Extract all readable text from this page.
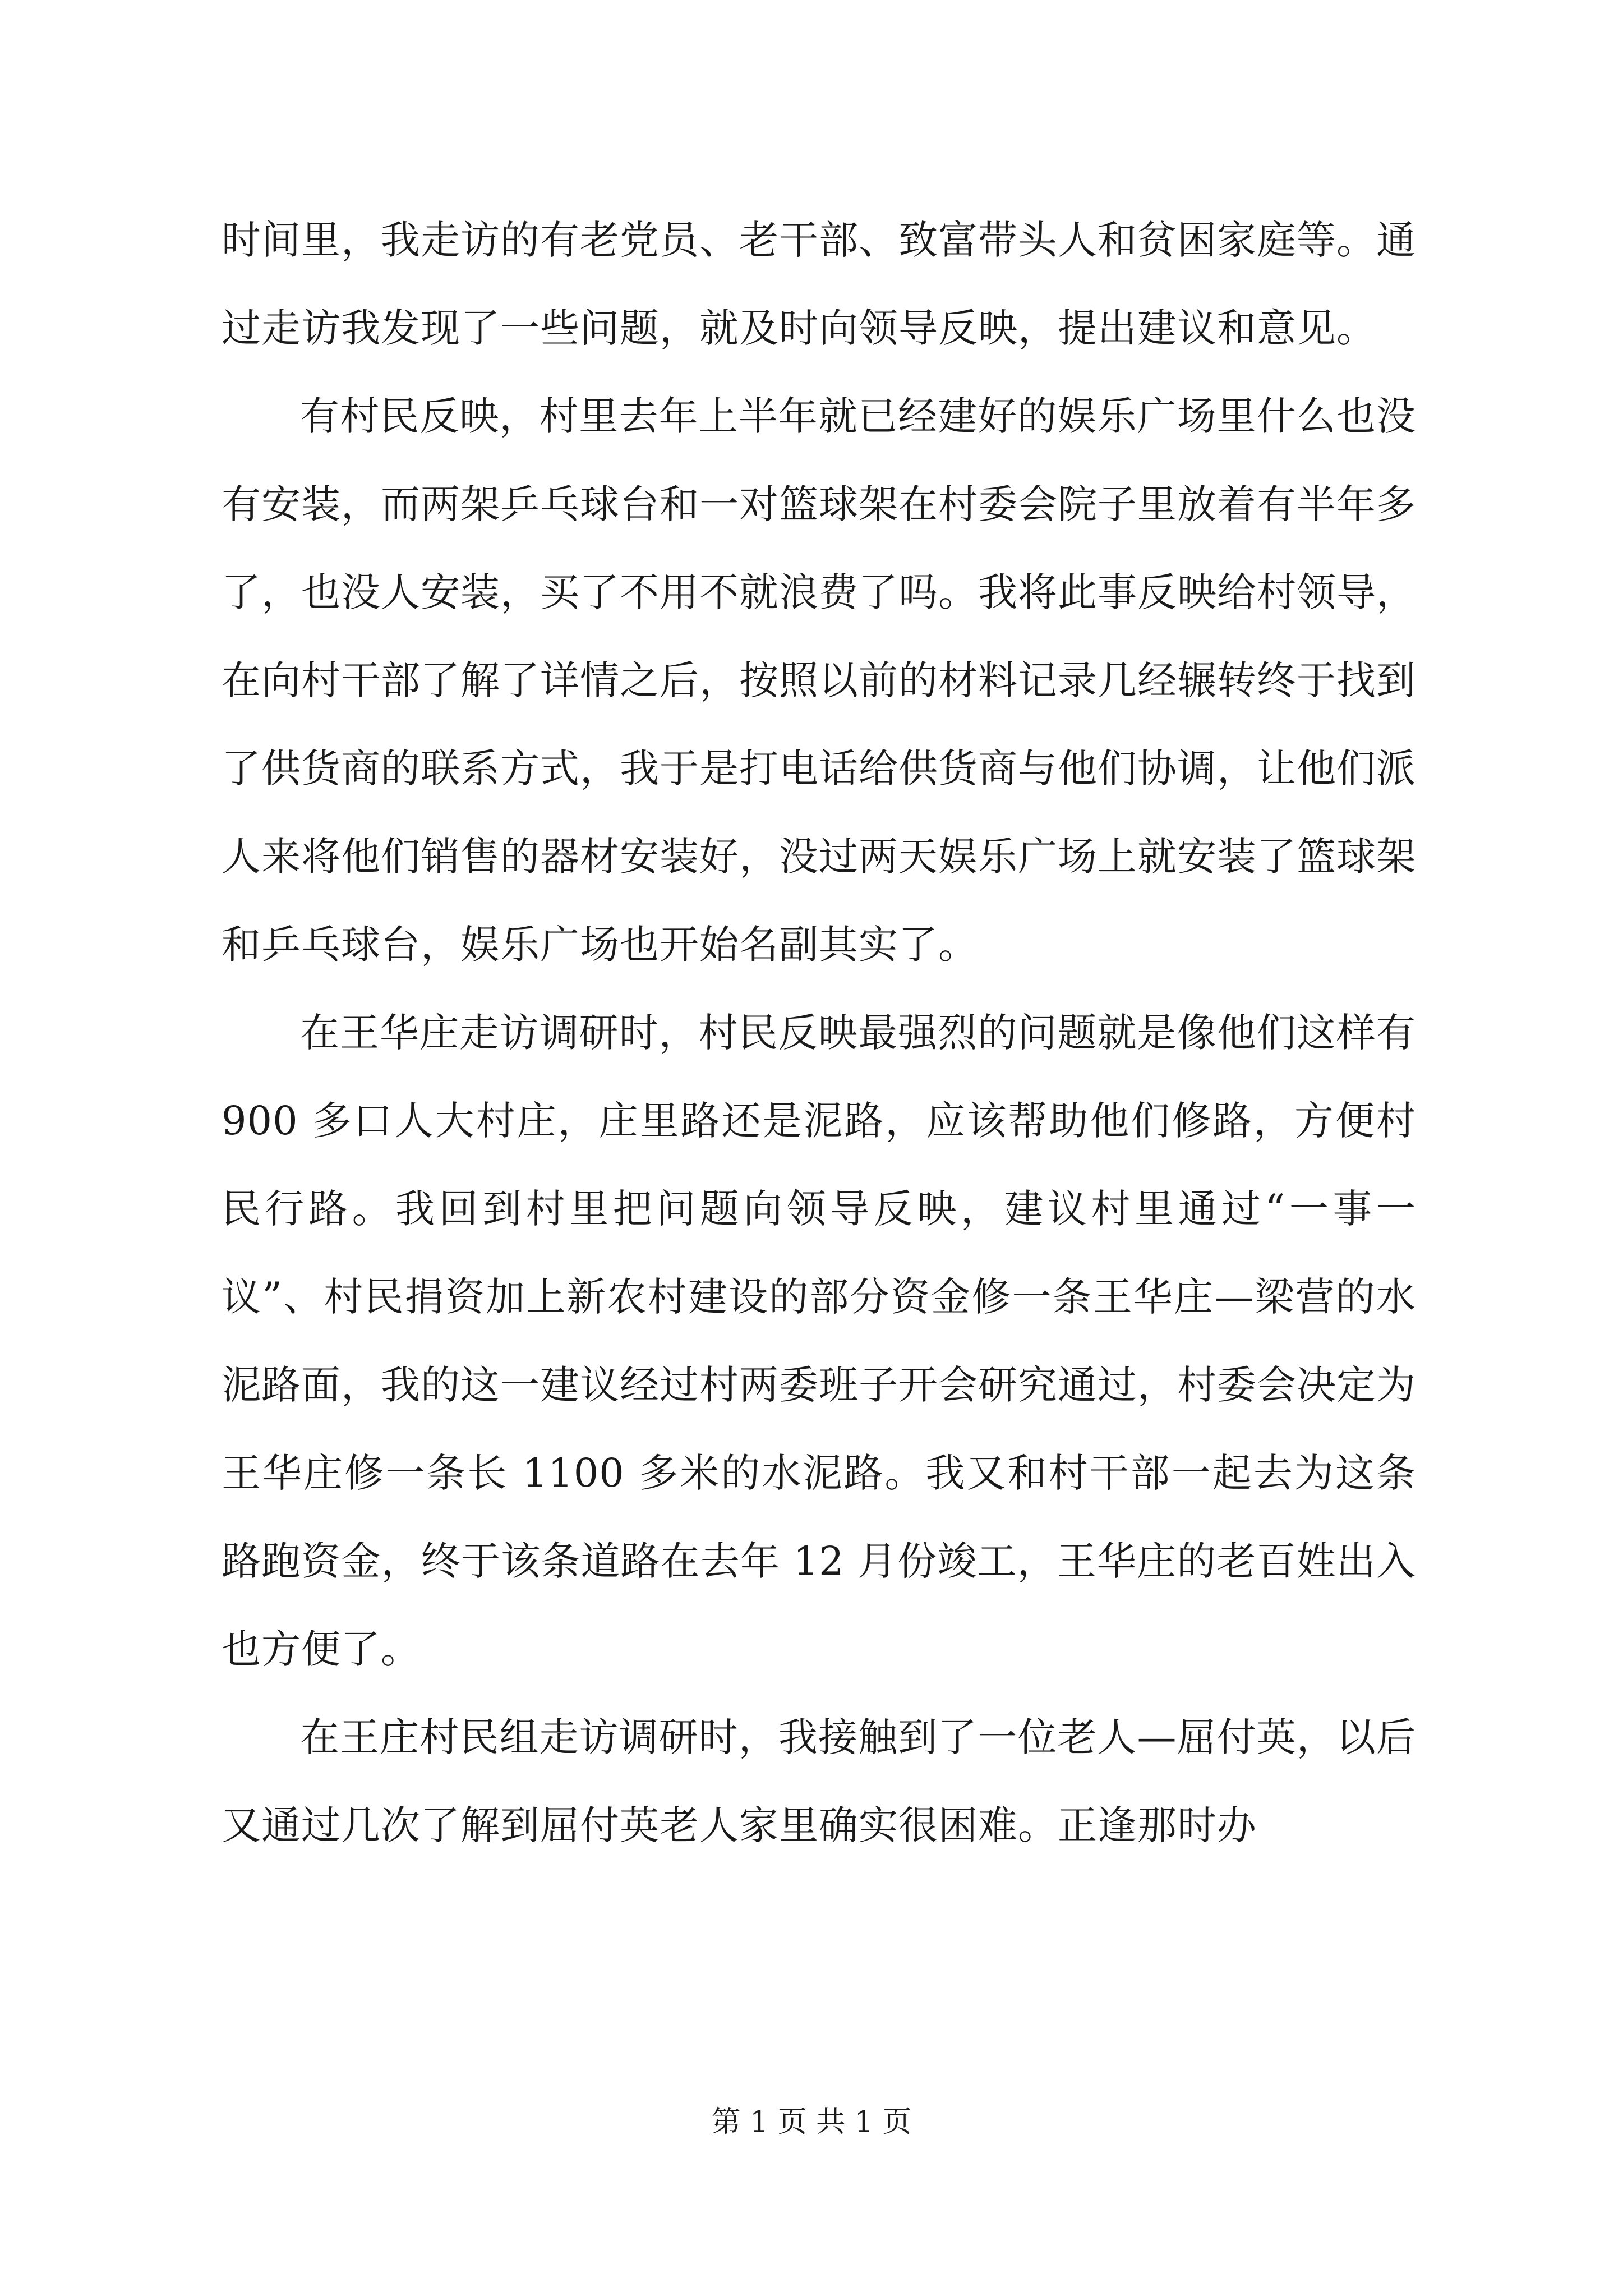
时间里，我走访的有老党员、老干部、致富带头人和贫困家庭等。通过走访我发现了一些问题，就及时向领导反映，提出建议和意见。

有村民反映，村里去年上半年就已经建好的娱乐广场里什么也没有安装，而两架乒乓球台和一对篮球架在村委会院子里放着有半年多了，也没人安装，买了不用不就浪费了吗。我将此事反映给村领导，在向村干部了解了详情之后，按照以前的材料记录几经辗转终于找到了供货商的联系方式，我于是打电话给供货商与他们协调，让他们派人来将他们销售的器材安装好，没过两天娱乐广场上就安装了篮球架和乒乓球台，娱乐广场也开始名副其实了。

在王华庄走访调研时，村民反映最强烈的问题就是像他们这样有 900 多口人大村庄，庄里路还是泥路，应该帮助他们修路，方便村民行路。我回到村里把问题向领导反映，建议村里通过“一事一议”、村民捐资加上新农村建设的部分资金修一条王华庄—梁营的水泥路面，我的这一建议经过村两委班子开会研究通过，村委会决定为王华庄修一条长 1100 多米的水泥路。我又和村干部一起去为这条路跑资金，终于该条道路在去年 12 月份竣工，王华庄的老百姓出入也方便了。

在王庄村民组走访调研时，我接触到了一位老人—屈付英，以后又通过几次了解到屈付英老人家里确实很困难。正逢那时办

第 1 页 共 1 页
